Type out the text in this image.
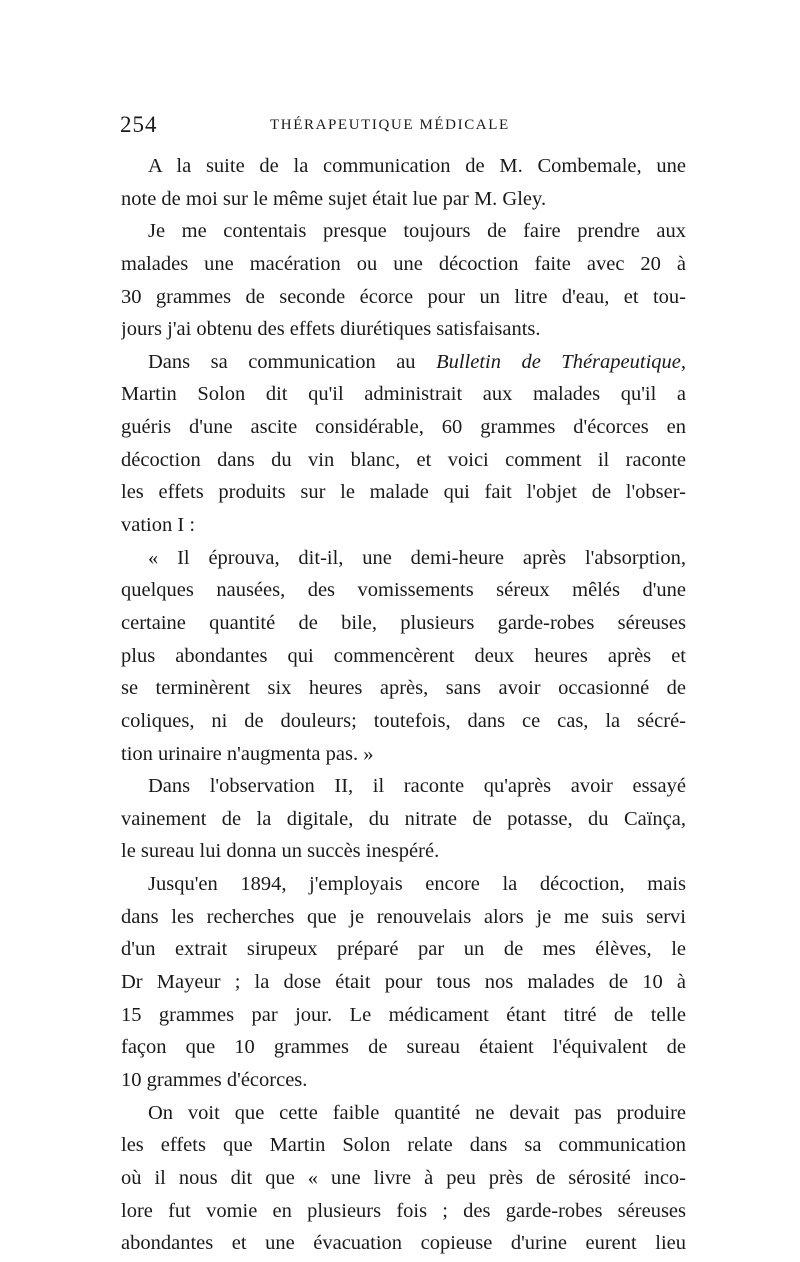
254	THÉRAPEUTIQUE MÉDICALE
A la suite de la communication de M. Combemale, une
note de moi sur le même sujet était lue par M. Gley.
Je me contentais presque toujours de faire prendre aux
malades une macération ou une décoction faite avec 20 à
30 grammes de seconde écorce pour un litre d'eau, et tou-
jours j'ai obtenu des effets diurétiques satisfaisants.
Dans sa communication au Bulletin de Thérapeutique,
Martin Solon dit qu'il administrait aux malades qu'il a
guéris d'une ascite considérable, 60 grammes d'écorces en
décoction dans du vin blanc, et voici comment il raconte
les effets produits sur le malade qui fait l'objet de l'obser-
vation I :
« Il éprouva, dit-il, une demi-heure après l'absorption,
quelques nausées, des vomissements séreux mêlés d'une
certaine quantité de bile, plusieurs garde-robes séreuses
plus abondantes qui commencèrent deux heures après et
se terminèrent six heures après, sans avoir occasionné de
coliques, ni de douleurs; toutefois, dans ce cas, la sécré-
tion urinaire n'augmenta pas. »
Dans l'observation II, il raconte qu'après avoir essayé
vainement de la digitale, du nitrate de potasse, du Caïnça,
le sureau lui donna un succès inespéré.
Jusqu'en 1894, j'employais encore la décoction, mais
dans les recherches que je renouvelais alors je me suis servi
d'un extrait sirupeux préparé par un de mes élèves, le
Dr Mayeur ; la dose était pour tous nos malades de 10 à
15 grammes par jour. Le médicament étant titré de telle
façon que 10 grammes de sureau étaient l'équivalent de
10 grammes d'écorces.
On voit que cette faible quantité ne devait pas produire
les effets que Martin Solon relate dans sa communication
où il nous dit que « une livre à peu près de sérosité inco-
lore fut vomie en plusieurs fois ; des garde-robes séreuses
abondantes et une évacuation copieuse d'urine eurent lieu
